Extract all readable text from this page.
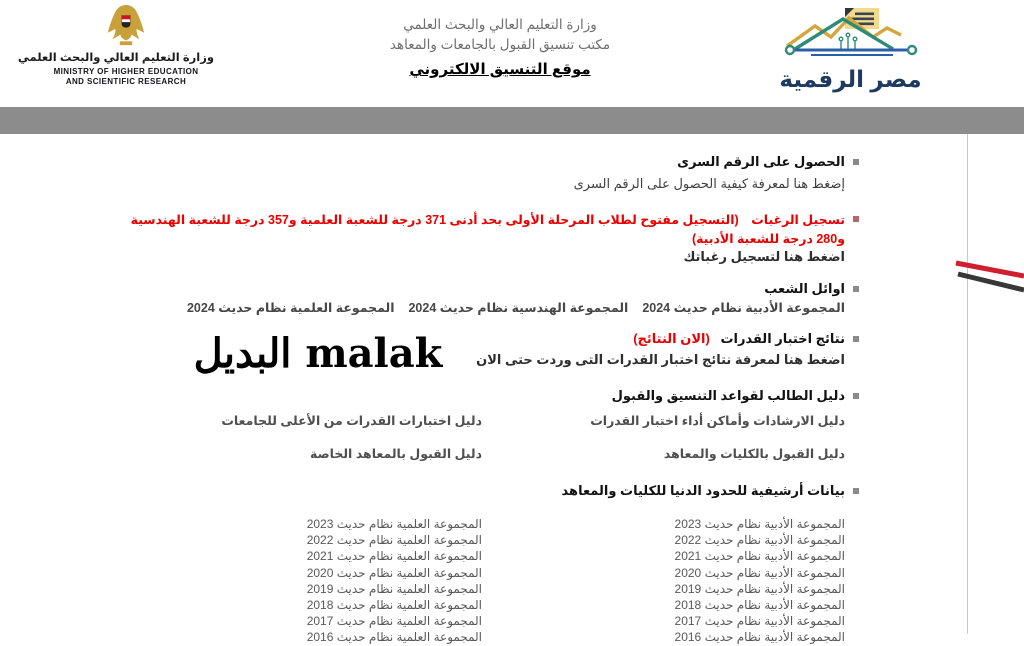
وزارة التعليم العالي والبحث العلمي
MINISTRY OF HIGHER EDUCATION
AND SCIENTIFIC RESEARCH
وزارة التعليم العالي والبحث العلمي
مكتب تنسيق القبول بالجامعات والمعاهد
موقع التنسيق الالكتروني	مصر الرقمية
malak البديل
الحصول على الرقم السرى
إضغط هنا لمعرفة كيفية الحصول على الرقم السرى
تسجيل الرغبات (التسجيل مفتوح لطلاب المرحلة الأولى بحد أدنى 371 درجة للشعبة العلمية و357 درجة للشعبة الهندسية
و280 درجة للشعبة الأدبية)
اضغط هنا لتسجيل رغباتك
اوائل الشعب
المجموعة الأدبية نظام حديث 2024
المجموعة الهندسية نظام حديث 2024
المجموعة العلمية نظام حديث 2024
نتائج اختبار القدرات (الان النتائج)
اضغط هنا لمعرفة نتائج اختبار القدرات التى وردت حتى الان
دليل الطالب لقواعد التنسيق والقبول
دليل الارشادات وأماكن أداء اختبار القدرات
دليل اختبارات القدرات من الأعلى للجامعات
دليل القبول بالكليات والمعاهد
دليل القبول بالمعاهد الخاصة
بيانات أرشيفية للحدود الدنيا للكليات والمعاهد
المجموعة الأدبية نظام حديث 2023
المجموعة العلمية نظام حديث 2023
المجموعة الأدبية نظام حديث 2022
المجموعة العلمية نظام حديث 2022
المجموعة الأدبية نظام حديث 2021
المجموعة العلمية نظام حديث 2021
المجموعة الأدبية نظام حديث 2020
المجموعة العلمية نظام حديث 2020
المجموعة الأدبية نظام حديث 2019
المجموعة العلمية نظام حديث 2019
المجموعة الأدبية نظام حديث 2018
المجموعة العلمية نظام حديث 2018
المجموعة الأدبية نظام حديث 2017
المجموعة العلمية نظام حديث 2017
المجموعة الأدبية نظام حديث 2016
المجموعة العلمية نظام حديث 2016
